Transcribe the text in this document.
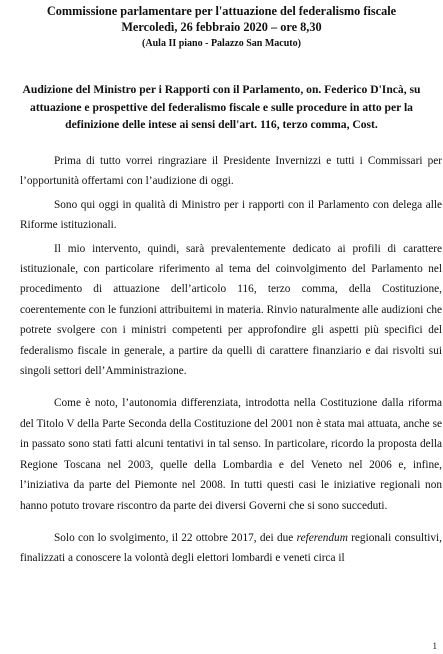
Commissione parlamentare per l'attuazione del federalismo fiscale
Mercoledì, 26 febbraio 2020 – ore 8,30
(Aula II piano - Palazzo San Macuto)
Audizione del Ministro per i Rapporti con il Parlamento, on. Federico D'Incà, su attuazione e prospettive del federalismo fiscale e sulle procedure in atto per la definizione delle intese ai sensi dell'art. 116, terzo comma, Cost.

Prima di tutto vorrei ringraziare il Presidente Invernizzi e tutti i Commissari per l’opportunità offertami con l’audizione di oggi.

Sono qui oggi in qualità di Ministro per i rapporti con il Parlamento con delega alle Riforme istituzionali.

Il mio intervento, quindi, sarà prevalentemente dedicato ai profili di carattere istituzionale, con particolare riferimento al tema del coinvolgimento del Parlamento nel procedimento di attuazione dell’articolo 116, terzo comma, della Costituzione, coerentemente con le funzioni attribuitemi in materia. Rinvio naturalmente alle audizioni che potrete svolgere con i ministri competenti per approfondire gli aspetti più specifici del federalismo fiscale in generale, a partire da quelli di carattere finanziario e dai risvolti sui singoli settori dell’Amministrazione.

Come è noto, l’autonomia differenziata, introdotta nella Costituzione dalla riforma del Titolo V della Parte Seconda della Costituzione del 2001 non è stata mai attuata, anche se in passato sono stati fatti alcuni tentativi in tal senso. In particolare, ricordo la proposta della Regione Toscana nel 2003, quelle della Lombardia e del Veneto nel 2006 e, infine, l’iniziativa da parte del Piemonte nel 2008. In tutti questi casi le iniziative regionali non hanno potuto trovare riscontro da parte dei diversi Governi che si sono succeduti.

Solo con lo svolgimento, il 22 ottobre 2017, dei due referendum regionali consultivi, finalizzati a conoscere la volontà degli elettori lombardi e veneti circa il

1
